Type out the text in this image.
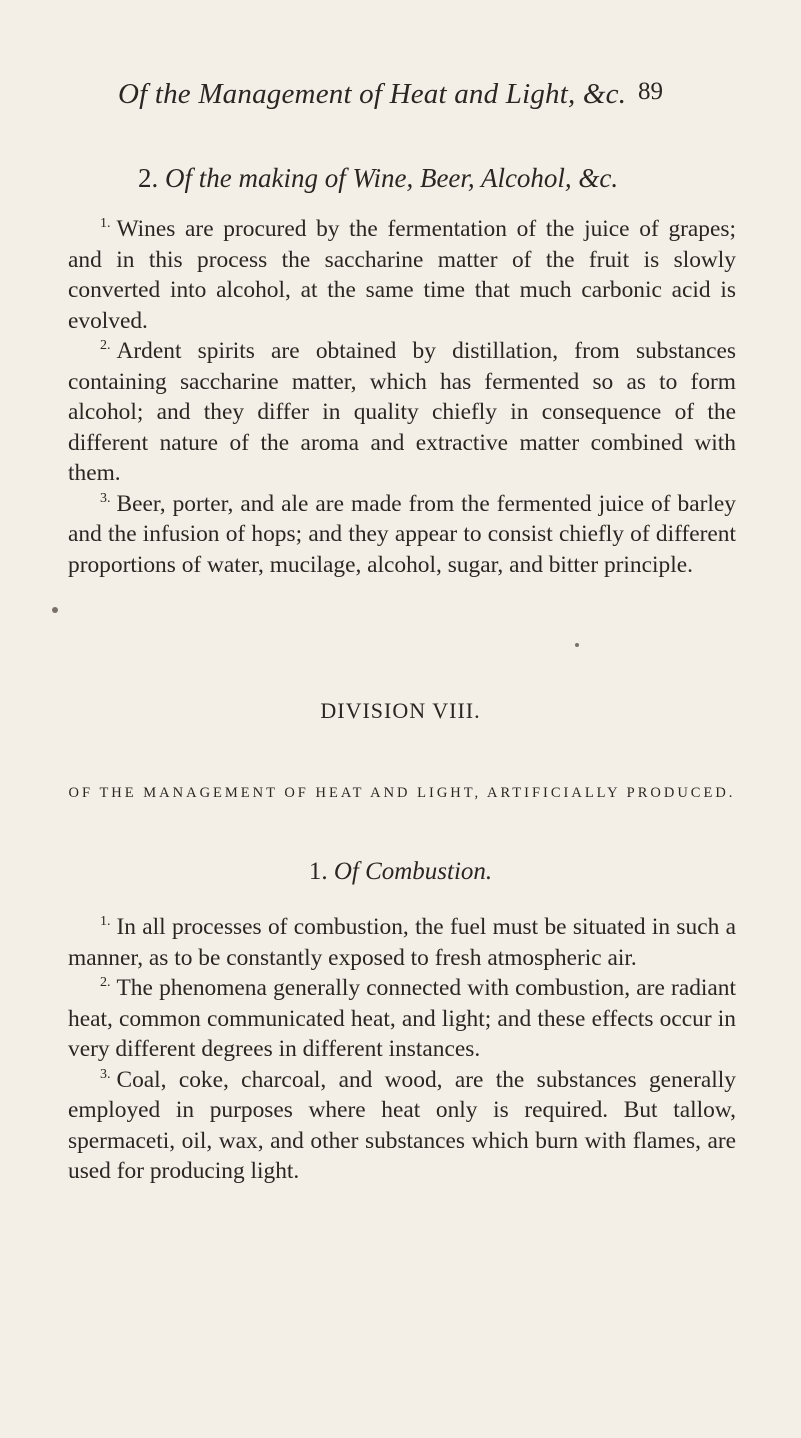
Of the Management of Heat and Light, &c. 89
2. Of the making of Wine, Beer, Alcohol, &c.

$^{1.}$ Wines are procured by the fermentation of the juice of grapes; and in this process the saccharine matter of the fruit is slowly converted into alcohol, at the same time that much carbonic acid is evolved.

$^{2.}$ Ardent spirits are obtained by distillation, from substances containing saccharine matter, which has fermented so as to form alcohol; and they differ in quality chiefly in consequence of the different nature of the aroma and extractive matter combined with them.

$^{3.}$ Beer, porter, and ale are made from the fermented juice of barley and the infusion of hops; and they appear to consist chiefly of different proportions of water, mucilage, alcohol, sugar, and bitter principle.

DIVISION VIII.
OF THE MANAGEMENT OF HEAT AND LIGHT, ARTIFICIALLY PRODUCED.
1. Of Combustion.

$^{1.}$ In all processes of combustion, the fuel must be situated in such a manner, as to be constantly exposed to fresh atmospheric air.

$^{2.}$ The phenomena generally connected with combustion, are radiant heat, common communicated heat, and light; and these effects occur in very different degrees in different instances.

$^{3.}$ Coal, coke, charcoal, and wood, are the substances generally employed in purposes where heat only is required. But tallow, spermaceti, oil, wax, and other substances which burn with flames, are used for producing light.
